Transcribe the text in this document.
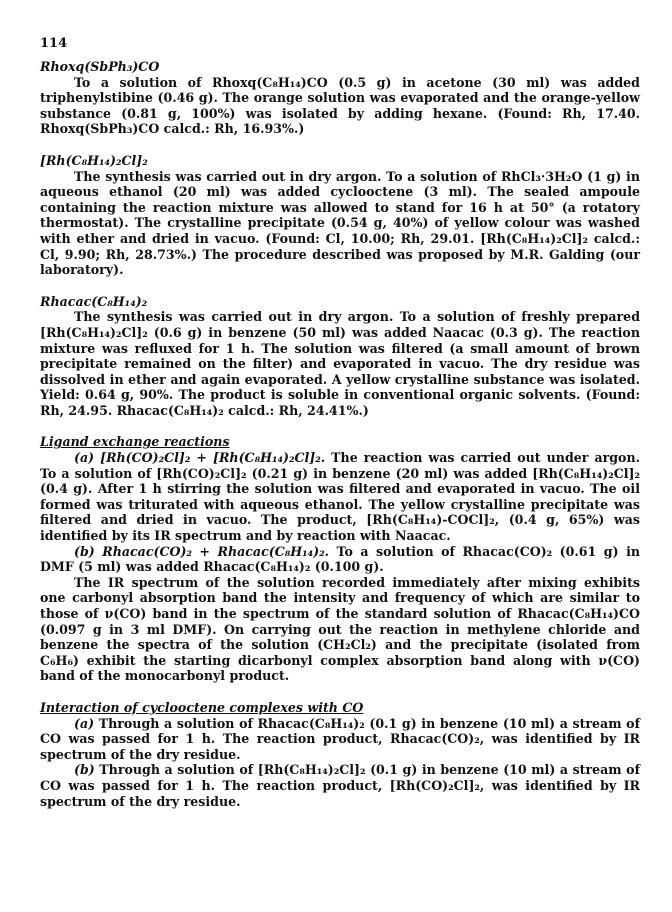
114

Rhoxq(SbPh₃)CO

To a solution of Rhoxq(C₈H₁₄)CO (0.5 g) in acetone (30 ml) was added triphenylstibine (0.46 g). The orange solution was evaporated and the orange-yellow substance (0.81 g, 100%) was isolated by adding hexane. (Found: Rh, 17.40. Rhoxq(SbPh₃)CO calcd.: Rh, 16.93%.)

[Rh(C₈H₁₄)₂Cl]₂

The synthesis was carried out in dry argon. To a solution of RhCl₃·3H₂O (1 g) in aqueous ethanol (20 ml) was added cyclooctene (3 ml). The sealed ampoule containing the reaction mixture was allowed to stand for 16 h at 50° (a rotatory thermostat). The crystalline precipitate (0.54 g, 40%) of yellow colour was washed with ether and dried in vacuo. (Found: Cl, 10.00; Rh, 29.01. [Rh(C₈H₁₄)₂Cl]₂ calcd.: Cl, 9.90; Rh, 28.73%.) The procedure described was proposed by M.R. Galding (our laboratory).

Rhacac(C₈H₁₄)₂

The synthesis was carried out in dry argon. To a solution of freshly prepared [Rh(C₈H₁₄)₂Cl]₂ (0.6 g) in benzene (50 ml) was added Naacac (0.3 g). The reaction mixture was refluxed for 1 h. The solution was filtered (a small amount of brown precipitate remained on the filter) and evaporated in vacuo. The dry residue was dissolved in ether and again evaporated. A yellow crystalline substance was isolated. Yield: 0.64 g, 90%. The product is soluble in conventional organic solvents. (Found: Rh, 24.95. Rhacac(C₈H₁₄)₂ calcd.: Rh, 24.41%.)

Ligand exchange reactions

(a) [Rh(CO)₂Cl]₂ + [Rh(C₈H₁₄)₂Cl]₂. The reaction was carried out under argon. To a solution of [Rh(CO)₂Cl]₂ (0.21 g) in benzene (20 ml) was added [Rh(C₈H₁₄)₂Cl]₂ (0.4 g). After 1 h stirring the solution was filtered and evaporated in vacuo. The oil formed was triturated with aqueous ethanol. The yellow crystalline precipitate was filtered and dried in vacuo. The product, [Rh(C₈H₁₄)-COCl]₂, (0.4 g, 65%) was identified by its IR spectrum and by reaction with Naacac.

(b) Rhacac(CO)₂ + Rhacac(C₈H₁₄)₂. To a solution of Rhacac(CO)₂ (0.61 g) in DMF (5 ml) was added Rhacac(C₈H₁₄)₂ (0.100 g).

The IR spectrum of the solution recorded immediately after mixing exhibits one carbonyl absorption band the intensity and frequency of which are similar to those of ν(CO) band in the spectrum of the standard solution of Rhacac(C₈H₁₄)CO (0.097 g in 3 ml DMF). On carrying out the reaction in methylene chloride and benzene the spectra of the solution (CH₂Cl₂) and the precipitate (isolated from C₆H₆) exhibit the starting dicarbonyl complex absorption band along with ν(CO) band of the monocarbonyl product.

Interaction of cyclooctene complexes with CO

(a) Through a solution of Rhacac(C₈H₁₄)₂ (0.1 g) in benzene (10 ml) a stream of CO was passed for 1 h. The reaction product, Rhacac(CO)₂, was identified by IR spectrum of the dry residue.

(b) Through a solution of [Rh(C₈H₁₄)₂Cl]₂ (0.1 g) in benzene (10 ml) a stream of CO was passed for 1 h. The reaction product, [Rh(CO)₂Cl]₂, was identified by IR spectrum of the dry residue.
